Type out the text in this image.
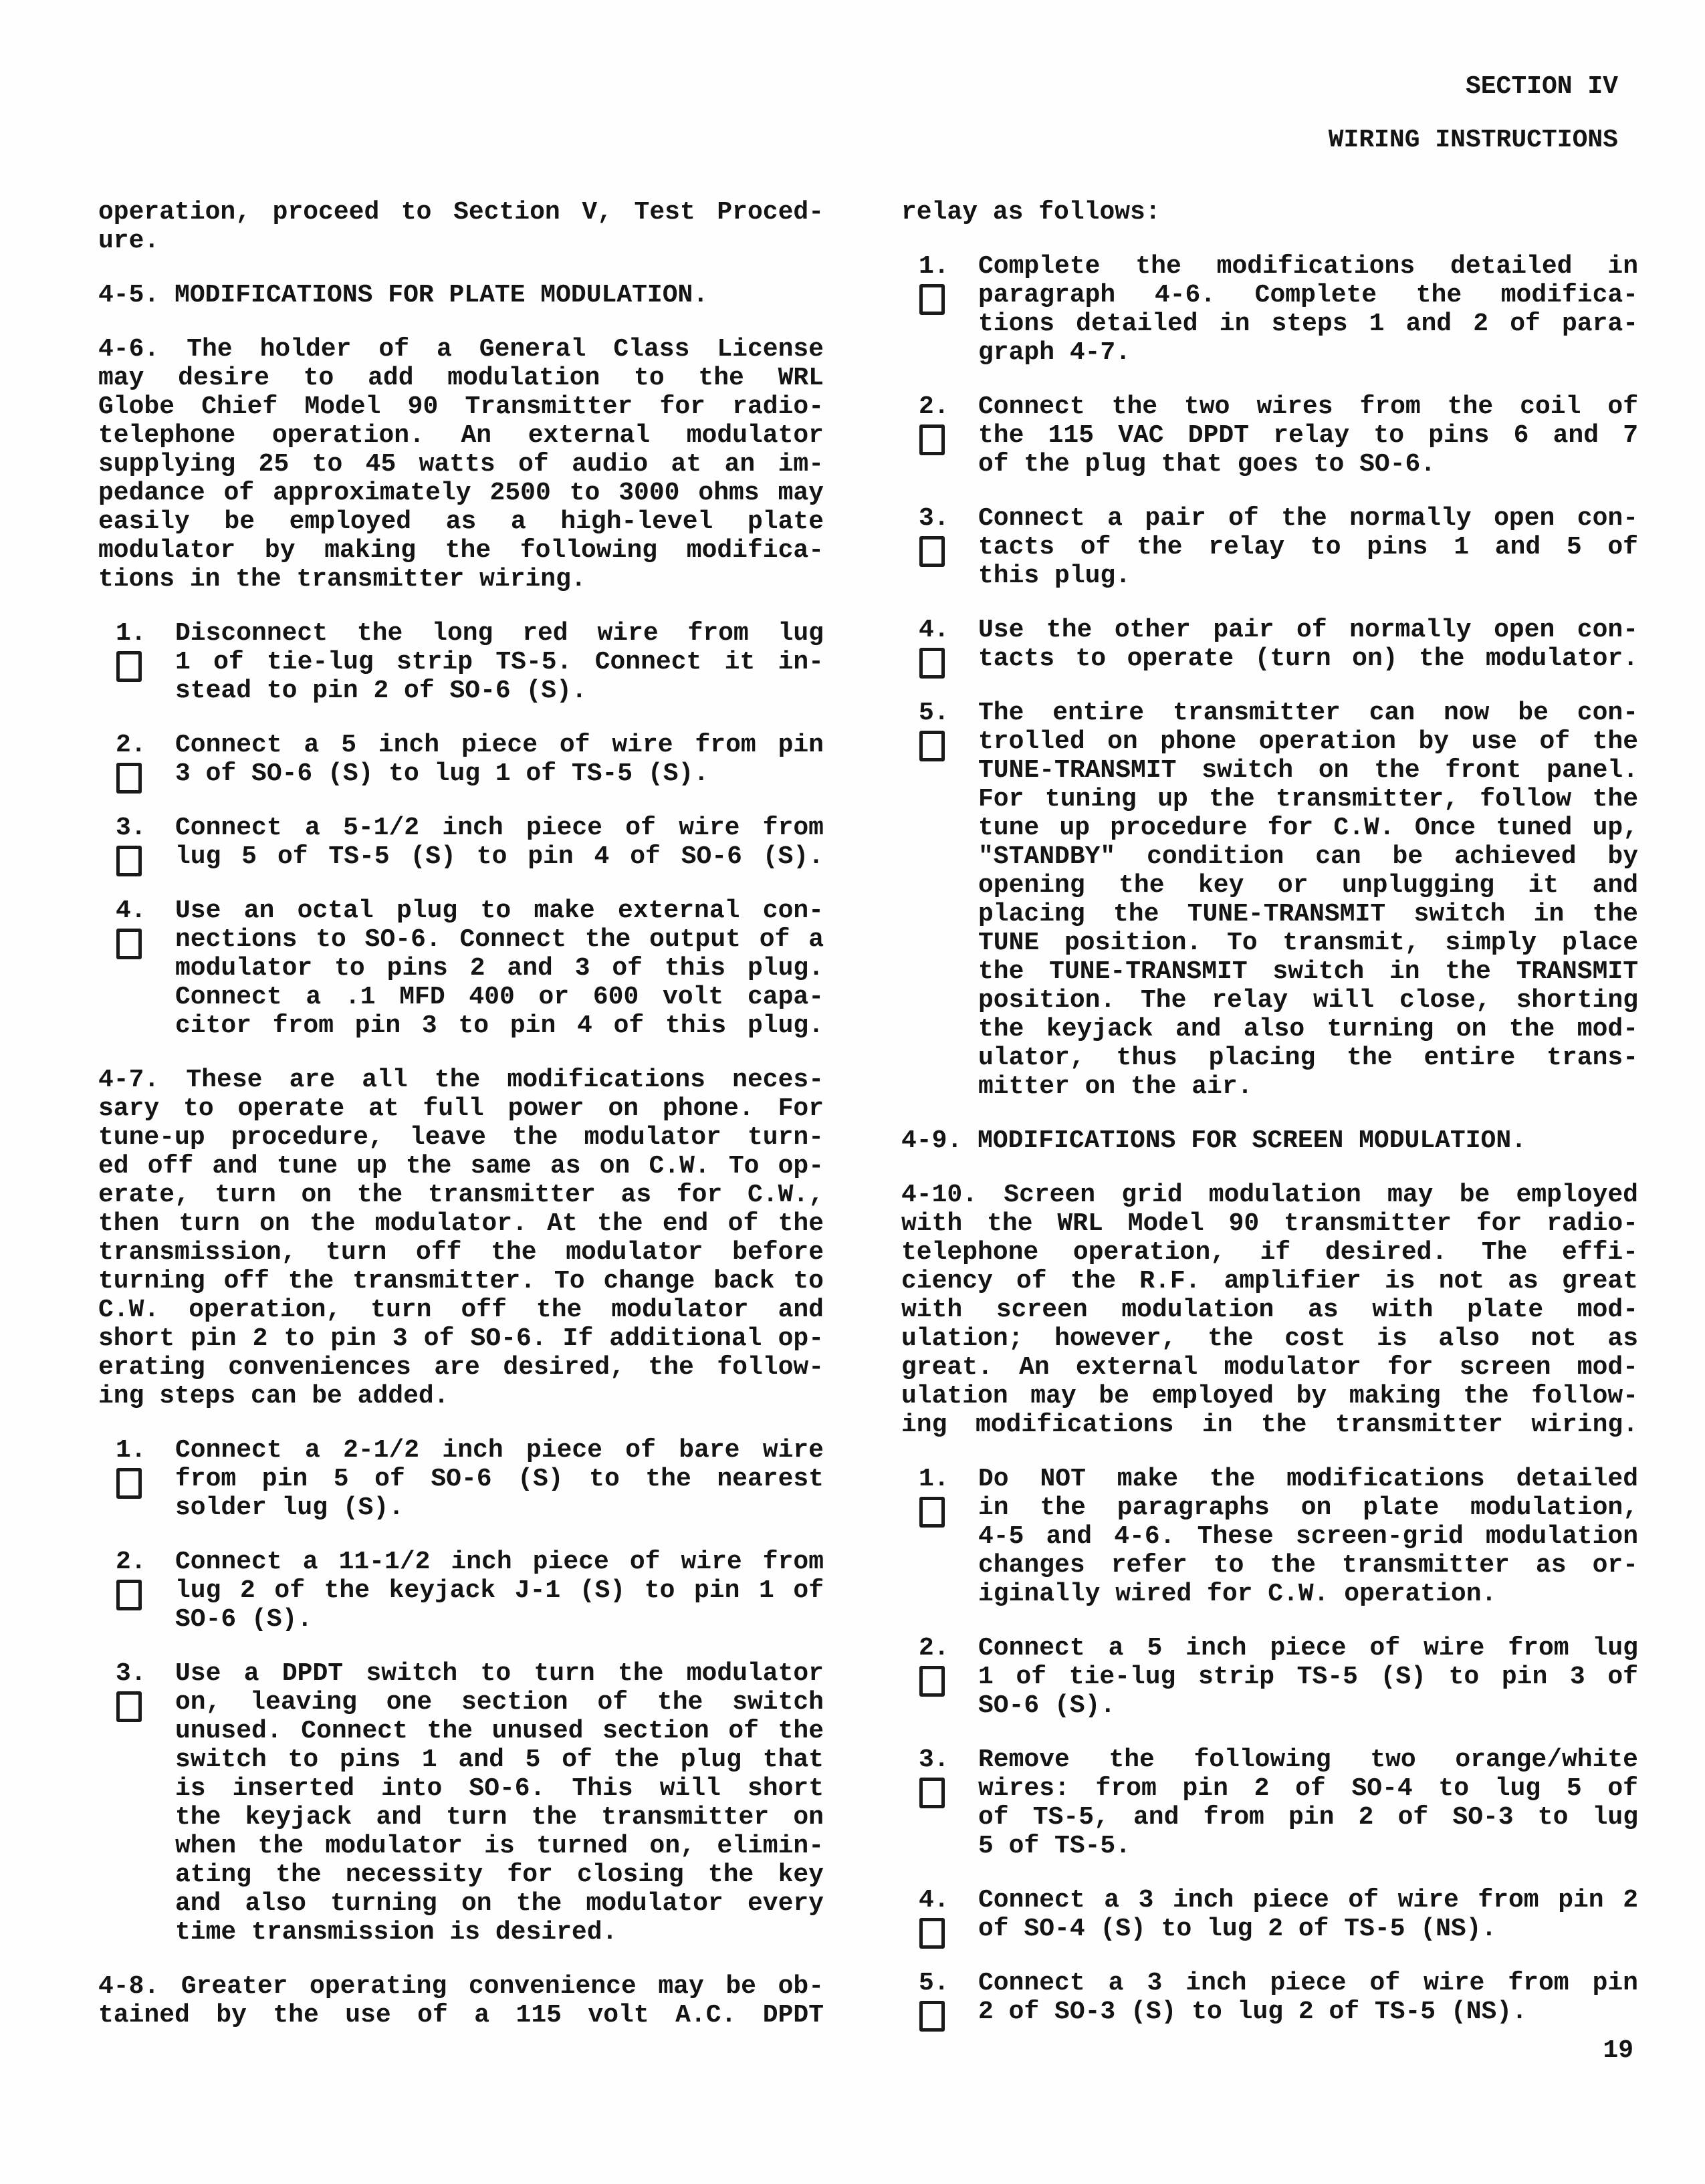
SECTION IV
WIRING INSTRUCTIONS
operation, proceed to Section V, Test Proced-
ure.
4-5. MODIFICATIONS FOR PLATE MODULATION.
4-6. The holder of a General Class License
may desire to add modulation to the WRL
Globe Chief Model 90 Transmitter for radio-
telephone operation. An external modulator
supplying 25 to 45 watts of audio at an im-
pedance of approximately 2500 to 3000 ohms may
easily be employed as a high-level plate
modulator by making the following modifica-
tions in the transmitter wiring.
1.	Disconnect the long red wire from lug
1 of tie-lug strip TS-5. Connect it in-
stead to pin 2 of SO-6 (S).
2.	Connect a 5 inch piece of wire from pin
3 of SO-6 (S) to lug 1 of TS-5 (S).
3.	Connect a 5-1/2 inch piece of wire from
lug 5 of TS-5 (S) to pin 4 of SO-6 (S).
4.	Use an octal plug to make external con-
nections to SO-6. Connect the output of a
modulator to pins 2 and 3 of this plug.
Connect a .1 MFD 400 or 600 volt capa-
citor from pin 3 to pin 4 of this plug.
4-7. These are all the modifications neces-
sary to operate at full power on phone. For
tune-up procedure, leave the modulator turn-
ed off and tune up the same as on C.W. To op-
erate, turn on the transmitter as for C.W.,
then turn on the modulator. At the end of the
transmission, turn off the modulator before
turning off the transmitter. To change back to
C.W. operation, turn off the modulator and
short pin 2 to pin 3 of SO-6. If additional op-
erating conveniences are desired, the follow-
ing steps can be added.
1.	Connect a 2-1/2 inch piece of bare wire
from pin 5 of SO-6 (S) to the nearest
solder lug (S).
2.	Connect a 11-1/2 inch piece of wire from
lug 2 of the keyjack J-1 (S) to pin 1 of
SO-6 (S).
3.	Use a DPDT switch to turn the modulator
on, leaving one section of the switch
unused. Connect the unused section of the
switch to pins 1 and 5 of the plug that
is inserted into SO-6. This will short
the keyjack and turn the transmitter on
when the modulator is turned on, elimin-
ating the necessity for closing the key
and also turning on the modulator every
time transmission is desired.
4-8. Greater operating convenience may be ob-
tained by the use of a 115 volt A.C. DPDT
relay as follows:
1.	Complete the modifications detailed in
paragraph 4-6. Complete the modifica-
tions detailed in steps 1 and 2 of para-
graph 4-7.
2.	Connect the two wires from the coil of
the 115 VAC DPDT relay to pins 6 and 7
of the plug that goes to SO-6.
3.	Connect a pair of the normally open con-
tacts of the relay to pins 1 and 5 of
this plug.
4.	Use the other pair of normally open con-
tacts to operate (turn on) the modulator.
5.	The entire transmitter can now be con-
trolled on phone operation by use of the
TUNE-TRANSMIT switch on the front panel.
For tuning up the transmitter, follow the
tune up procedure for C.W. Once tuned up,
"STANDBY" condition can be achieved by
opening the key or unplugging it and
placing the TUNE-TRANSMIT switch in the
TUNE position. To transmit, simply place
the TUNE-TRANSMIT switch in the TRANSMIT
position. The relay will close, shorting
the keyjack and also turning on the mod-
ulator, thus placing the entire trans-
mitter on the air.
4-9. MODIFICATIONS FOR SCREEN MODULATION.
4-10. Screen grid modulation may be employed
with the WRL Model 90 transmitter for radio-
telephone operation, if desired. The effi-
ciency of the R.F. amplifier is not as great
with screen modulation as with plate mod-
ulation; however, the cost is also not as
great. An external modulator for screen mod-
ulation may be employed by making the follow-
ing modifications in the transmitter wiring.
1.	Do NOT make the modifications detailed
in the paragraphs on plate modulation,
4-5 and 4-6. These screen-grid modulation
changes refer to the transmitter as or-
iginally wired for C.W. operation.
2.	Connect a 5 inch piece of wire from lug
1 of tie-lug strip TS-5 (S) to pin 3 of
SO-6 (S).
3.	Remove the following two orange/white
wires: from pin 2 of SO-4 to lug 5 of
of TS-5, and from pin 2 of SO-3 to lug
5 of TS-5.
4.	Connect a 3 inch piece of wire from pin 2
of SO-4 (S) to lug 2 of TS-5 (NS).
5.	Connect a 3 inch piece of wire from pin
2 of SO-3 (S) to lug 2 of TS-5 (NS).
19
